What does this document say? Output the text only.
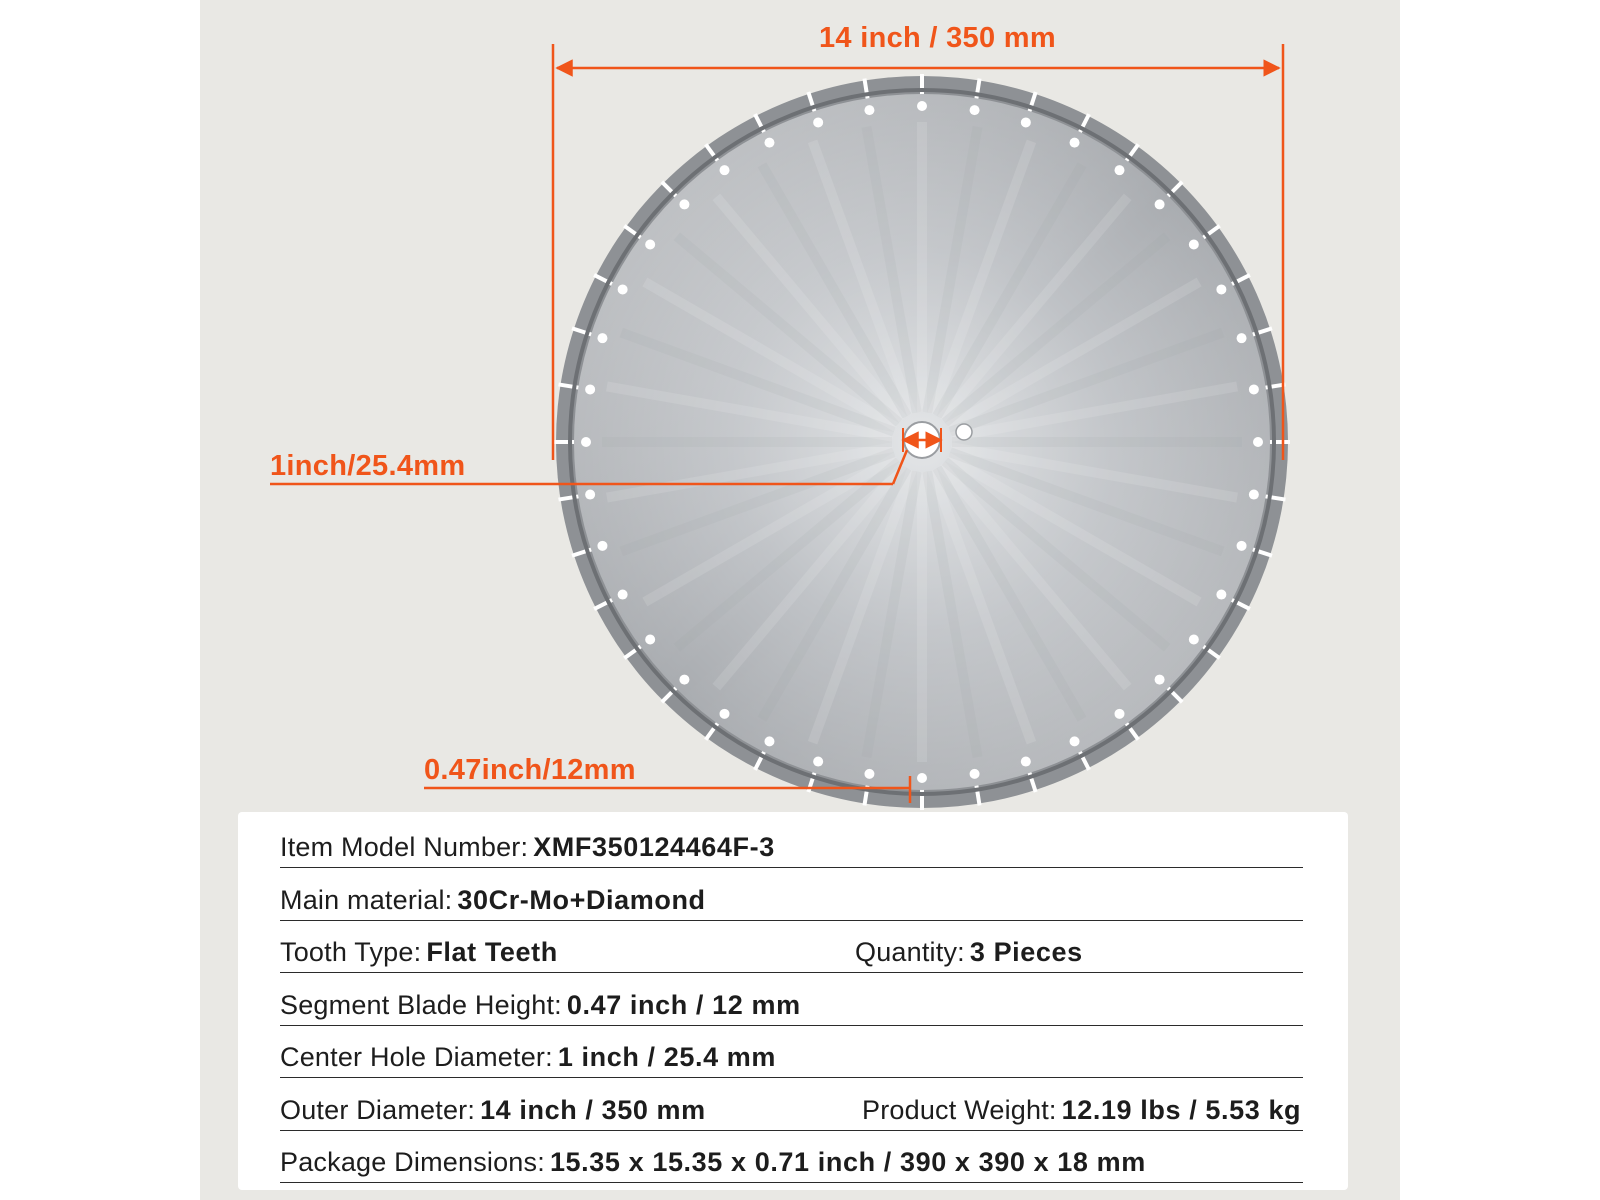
14 inch / 350 mm
1inch/25.4mm
0.47inch/12mm
Item Model Number: XMF350124464F-3
Main material: 30Cr-Mo+Diamond
Tooth Type: Flat Teeth	Quantity: 3 Pieces
Segment Blade Height: 0.47 inch / 12 mm
Center Hole Diameter: 1 inch / 25.4 mm
Outer Diameter: 14 inch / 350 mm	Product Weight: 12.19 lbs / 5.53 kg
Package Dimensions: 15.35 x 15.35 x 0.71 inch / 390 x 390 x 18 mm
